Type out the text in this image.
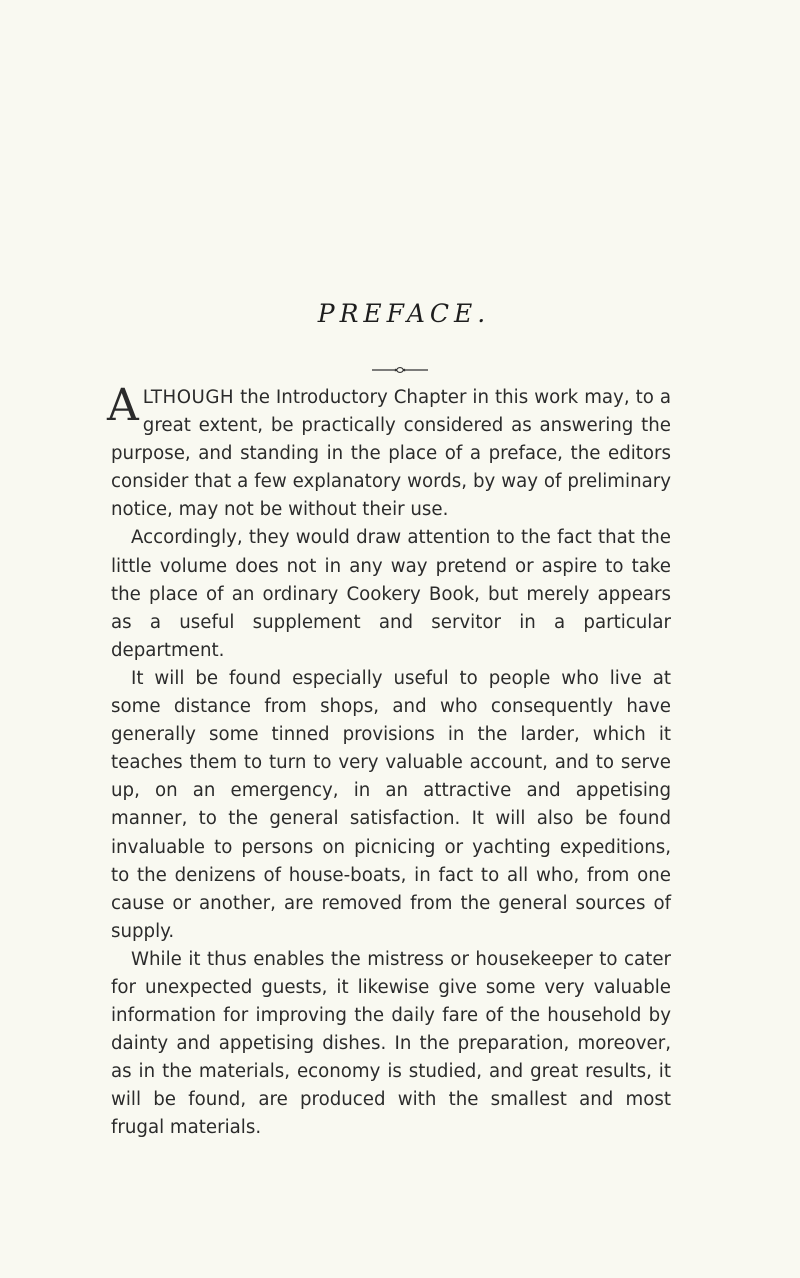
PREFACE.

ALTHOUGH the Introductory Chapter in this work may, to a great extent, be practically considered as answering the purpose, and standing in the place of a preface, the editors consider that a few explanatory words, by way of preliminary notice, may not be without their use.

Accordingly, they would draw attention to the fact that the little volume does not in any way pretend or aspire to take the place of an ordinary Cookery Book, but merely appears as a useful supplement and servitor in a particular department.

It will be found especially useful to people who live at some distance from shops, and who consequently have generally some tinned provisions in the larder, which it teaches them to turn to very valuable account, and to serve up, on an emergency, in an attractive and appetising manner, to the general satisfaction. It will also be found invaluable to persons on picnicing or yachting expeditions, to the denizens of house-boats, in fact to all who, from one cause or another, are removed from the general sources of supply.

While it thus enables the mistress or housekeeper to cater for unexpected guests, it likewise give some very valuable information for improving the daily fare of the household by dainty and appetising dishes. In the preparation, moreover, as in the materials, economy is studied, and great results, it will be found, are produced with the smallest and most frugal materials.
